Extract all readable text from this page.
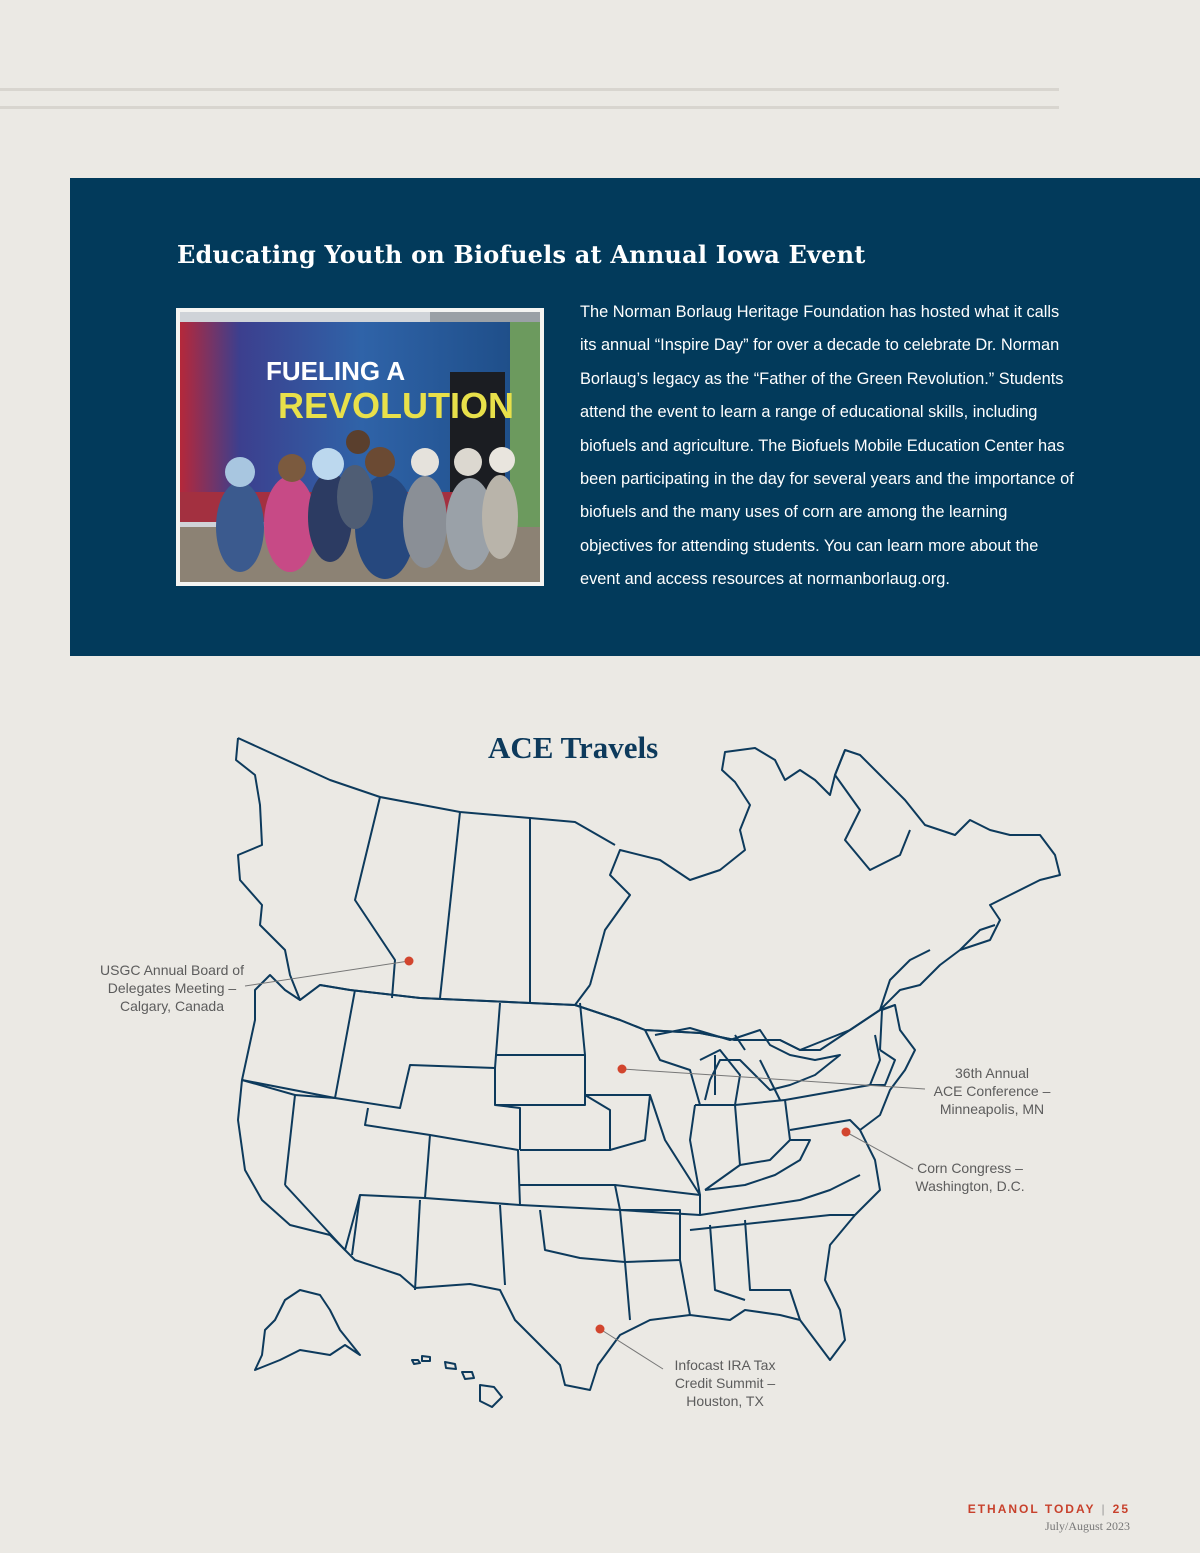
Educating Youth on Biofuels at Annual Iowa Event
FUELING A
REVOLUTION

The Norman Borlaug Heritage Foundation has hosted what it calls its annual “Inspire Day” for over a decade to celebrate Dr. Norman Borlaug’s legacy as the “Father of the Green Revolution.” Students attend the event to learn a range of educational skills, including biofuels and agriculture. The Biofuels Mobile Education Center has been participating in the day for several years and the importance of biofuels and the many uses of corn are among the learning objectives for attending students. You can learn more about the event and access resources at normanborlaug.org.

ACE Travels

USGC Annual Board of
Delegates Meeting –
Calgary, Canada

36th Annual
ACE Conference –
Minneapolis, MN

Corn Congress –
Washington, D.C.

Infocast IRA Tax
Credit Summit –
Houston, TX

ETHANOL TODAY | 25

July/August 2023
